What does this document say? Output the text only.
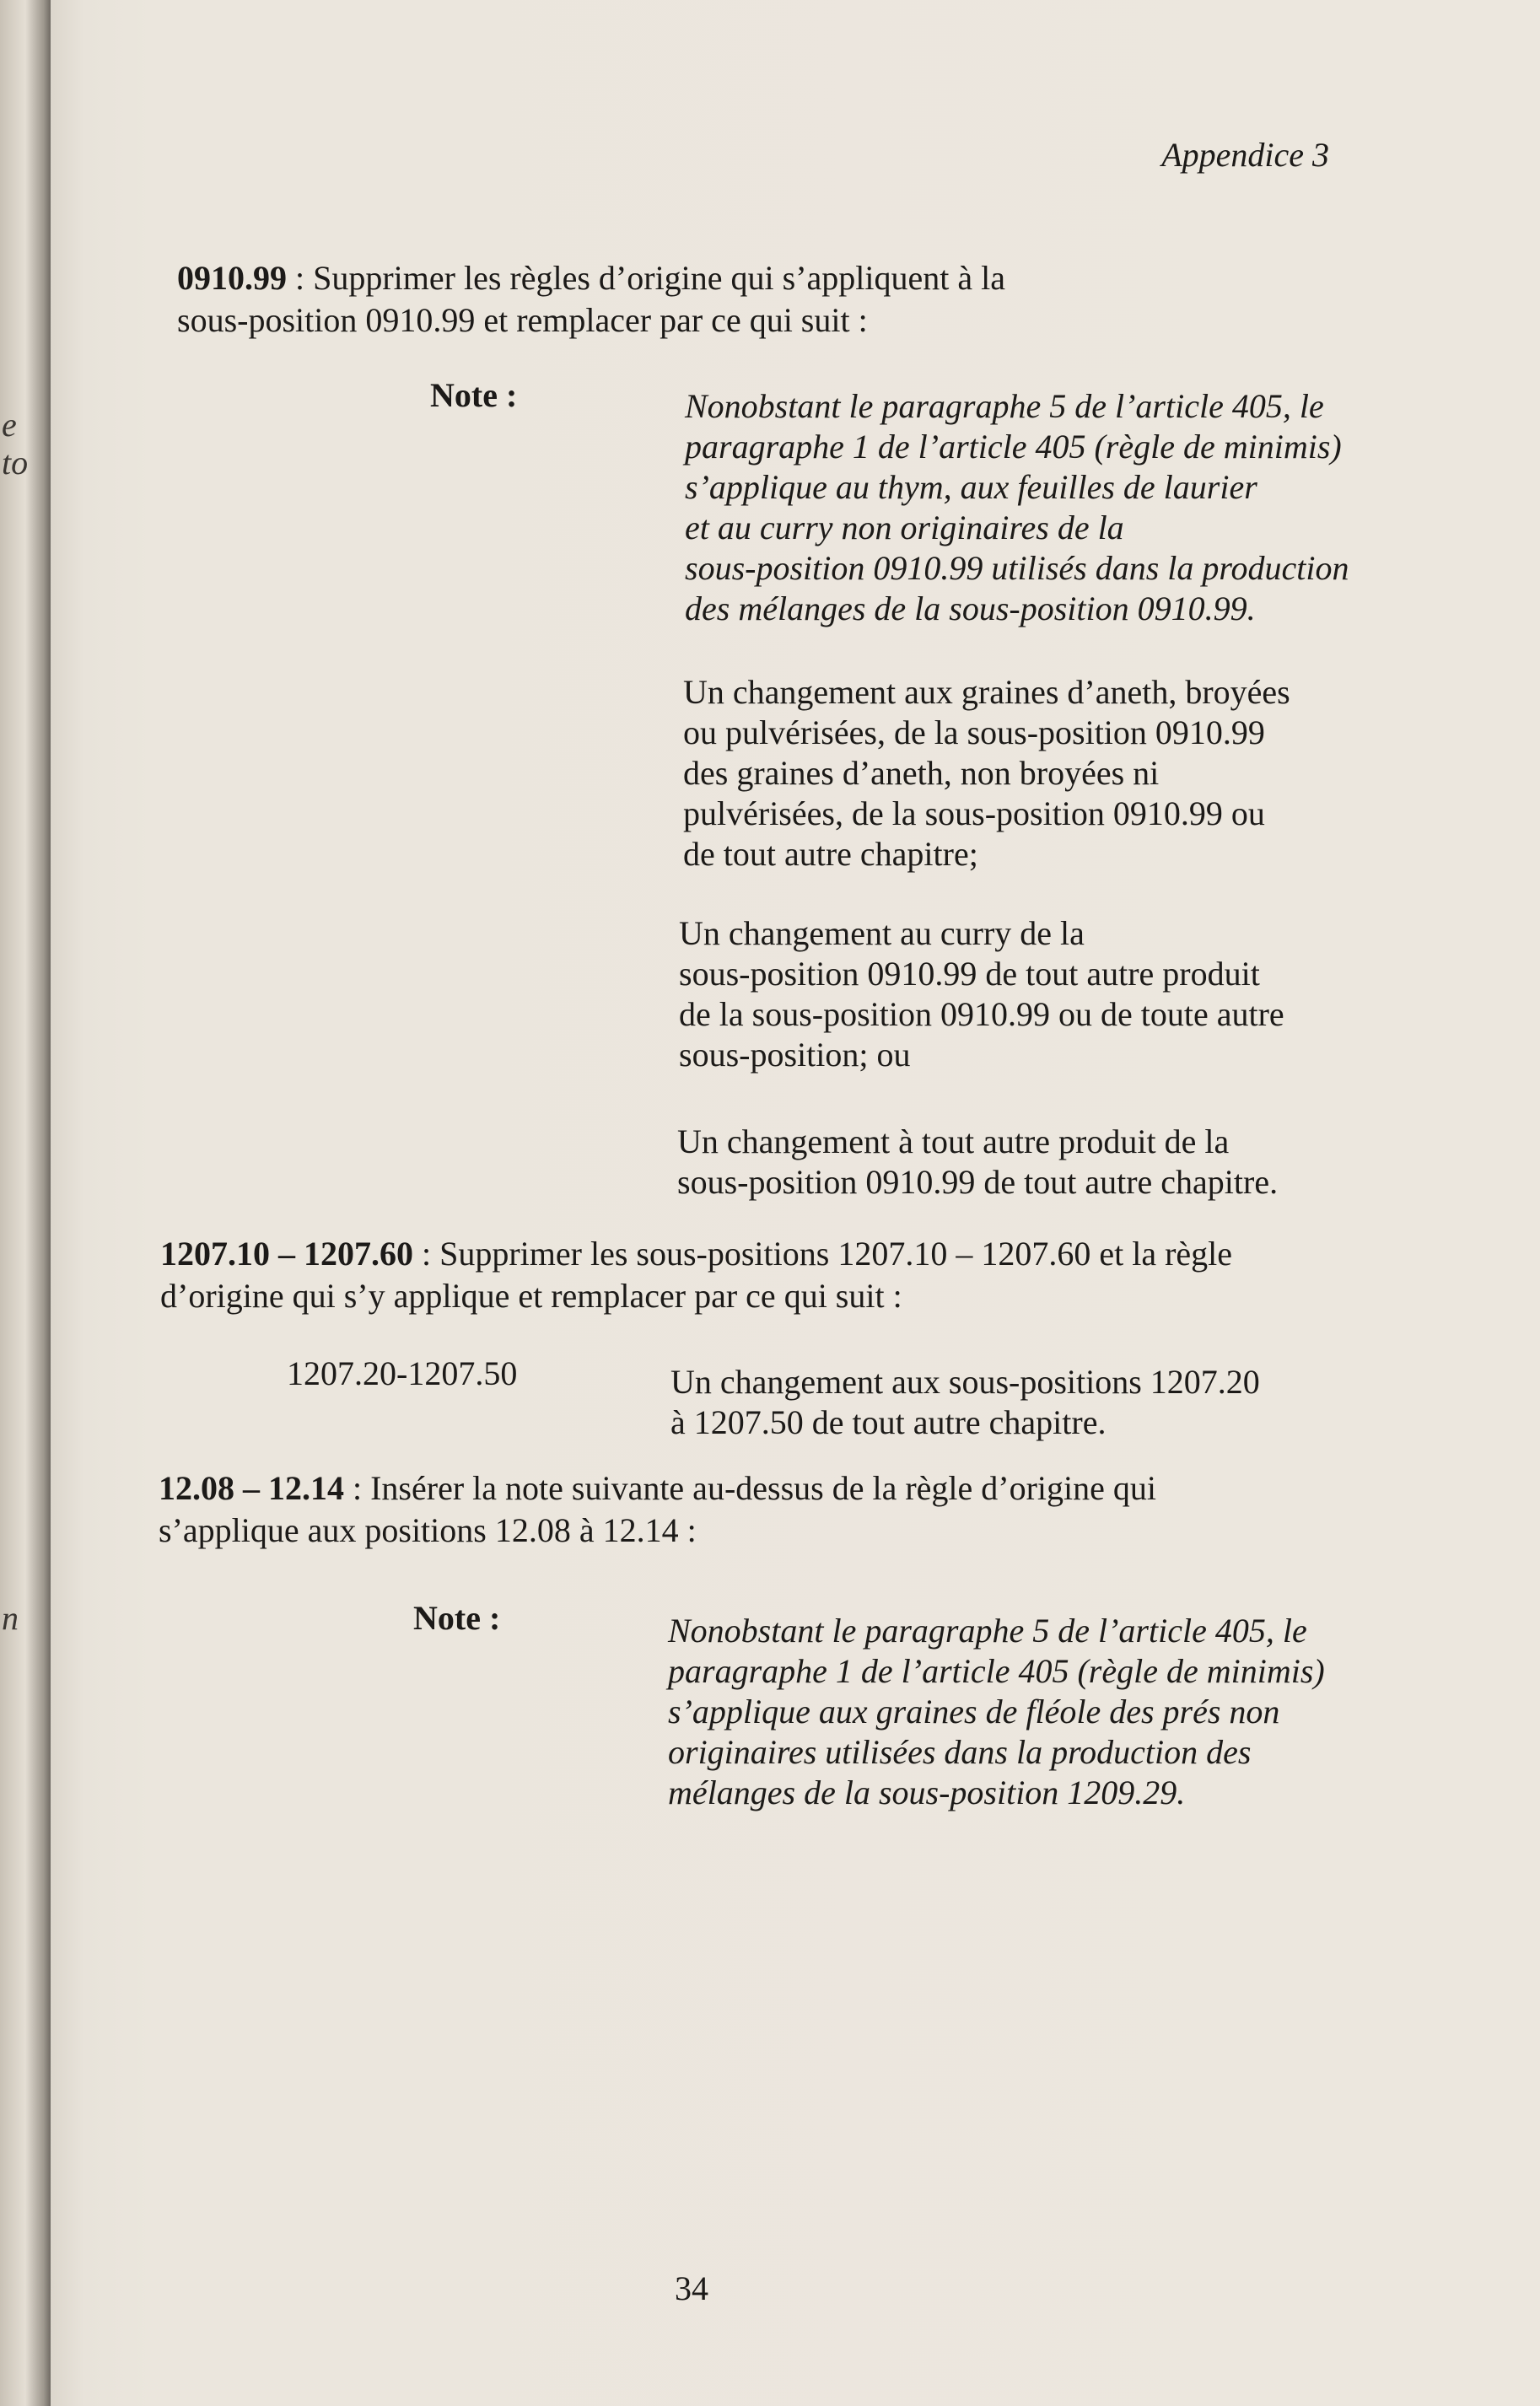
e
to
n
Appendice 3
0910.99 : Supprimer les règles d’origine qui s’appliquent à la
sous-position 0910.99 et remplacer par ce qui suit :
Note :	Nonobstant le paragraphe 5 de l’article 405, le
paragraphe 1 de l’article 405 (règle de minimis)
s’applique au thym, aux feuilles de laurier
et au curry non originaires de la
sous-position 0910.99 utilisés dans la production
des mélanges de la sous-position 0910.99.
Un changement aux graines d’aneth, broyées
ou pulvérisées, de la sous-position 0910.99
des graines d’aneth, non broyées ni
pulvérisées, de la sous-position 0910.99 ou
de tout autre chapitre;
Un changement au curry de la
sous-position 0910.99 de tout autre produit
de la sous-position 0910.99 ou de toute autre
sous-position; ou
Un changement à tout autre produit de la
sous-position 0910.99 de tout autre chapitre.
1207.10 – 1207.60 : Supprimer les sous-positions 1207.10 – 1207.60 et la règle
d’origine qui s’y applique et remplacer par ce qui suit :
1207.20-1207.50	Un changement aux sous-positions 1207.20
à 1207.50 de tout autre chapitre.
12.08 – 12.14 : Insérer la note suivante au-dessus de la règle d’origine qui
s’applique aux positions 12.08 à 12.14 :
Note :	Nonobstant le paragraphe 5 de l’article 405, le
paragraphe 1 de l’article 405 (règle de minimis)
s’applique aux graines de fléole des prés non
originaires utilisées dans la production des
mélanges de la sous-position 1209.29.
34
